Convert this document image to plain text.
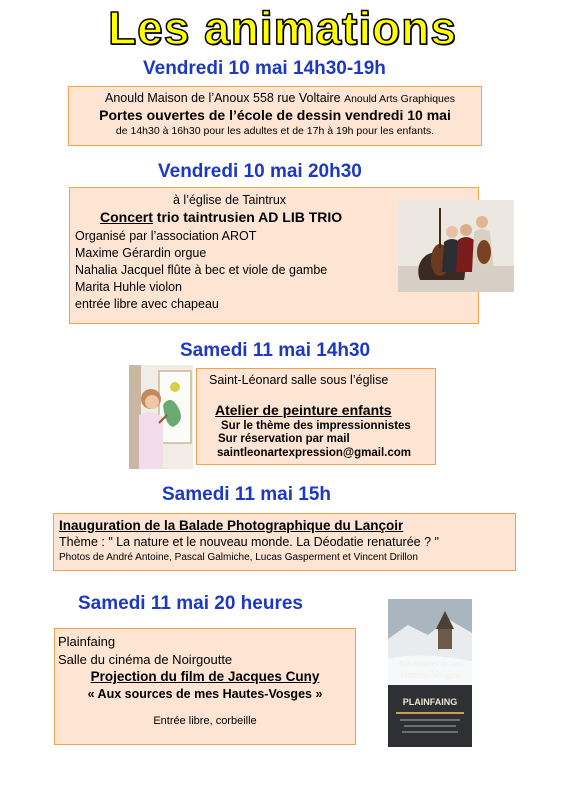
Les animations
Vendredi 10 mai 14h30-19h
Anould Maison de l’Anoux 558 rue Voltaire Anould Arts Graphiques
Portes ouvertes de l’école de dessin vendredi 10 mai
de 14h30 à 16h30 pour les adultes et de 17h à 19h pour les enfants.
Vendredi 10 mai 20h30
à l’église de Taintrux
Concert trio taintrusien AD LIB TRIO
Organisé par l’association AROT
Maxime Gérardin orgue
Nahalia Jacquel flûte à bec et viole de gambe
Marita Huhle violon
entrée libre avec chapeau
Samedi 11 mai 14h30
Saint-Léonard salle sous l’église
Atelier de peinture enfants
Sur le thème des impressionnistes
Sur réservation par mail
saintleonartexpression@gmail.com
Samedi 11 mai 15h
Inauguration de la Balade Photographique du Lançoir
Thème : " La nature et le nouveau monde. La Déodatie renaturée ? "
Photos de André Antoine, Pascal Galmiche, Lucas Gasperment et Vincent Drillon
Samedi 11 mai 20 heures
Plainfaing
Salle du cinéma de Noirgoutte
Projection du film de Jacques Cuny
« Aux sources de mes Hautes-Vosges »
Entrée libre, corbeille
Aux Sources de mes
Hautes-Vosges
PLAINFAING
